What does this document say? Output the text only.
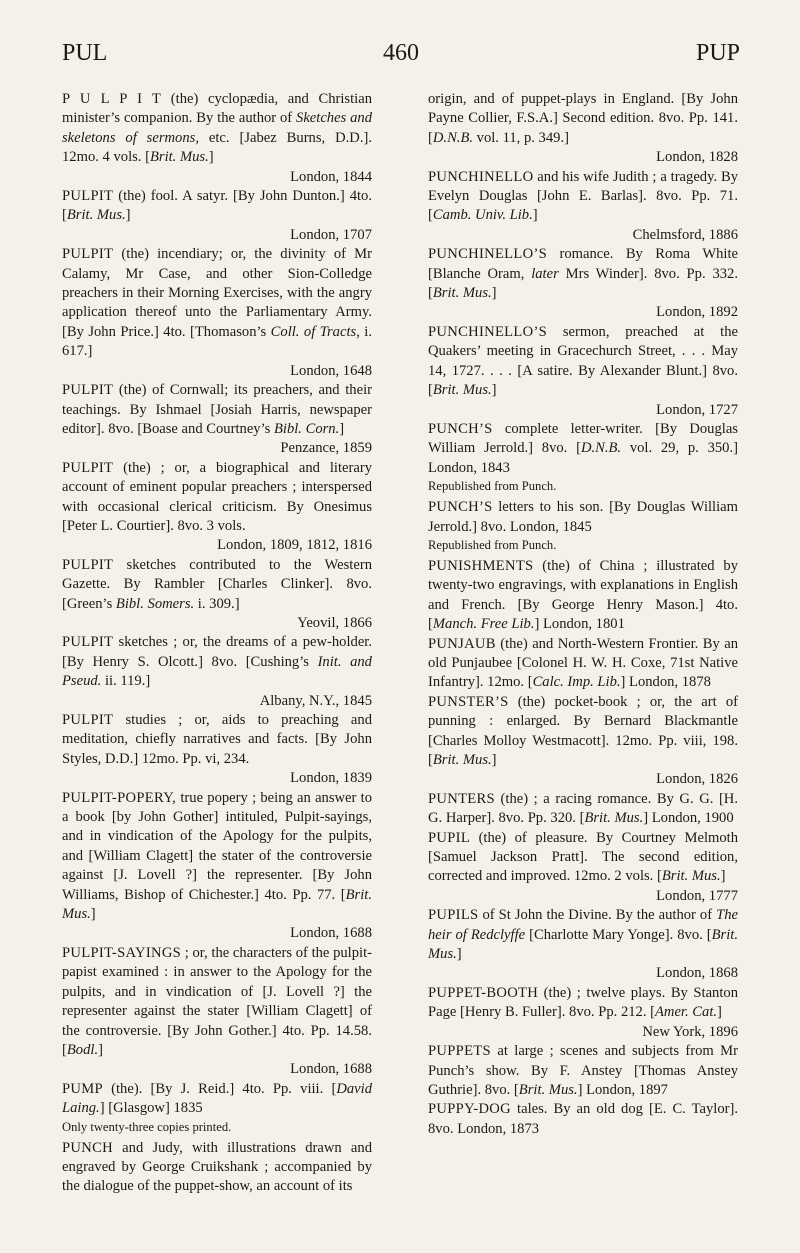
PUL	460	PUP
P U L P I T (the) cyclopædia, and Christian minister’s companion. By the author of Sketches and skeletons of sermons, etc. [Jabez Burns, D.D.]. 12mo. 4 vols. [Brit. Mus.]
London, 1844
PULPIT (the) fool. A satyr. [By John Dunton.] 4to. [Brit. Mus.]
London, 1707
PULPIT (the) incendiary; or, the divinity of Mr Calamy, Mr Case, and other Sion-Colledge preachers in their Morning Exercises, with the angry application thereof unto the Parliamentary Army. [By John Price.] 4to. [Thomason’s Coll. of Tracts, i. 617.]
London, 1648
PULPIT (the) of Cornwall; its preachers, and their teachings. By Ishmael [Josiah Harris, newspaper editor]. 8vo. [Boase and Courtney’s Bibl. Corn.]
Penzance, 1859
PULPIT (the) ; or, a biographical and literary account of eminent popular preachers ; interspersed with occasional clerical criticism. By Onesimus [Peter L. Courtier]. 8vo. 3 vols.
London, 1809, 1812, 1816
PULPIT sketches contributed to the Western Gazette. By Rambler [Charles Clinker]. 8vo. [Green’s Bibl. Somers. i. 309.]
Yeovil, 1866
PULPIT sketches ; or, the dreams of a pew-holder. [By Henry S. Olcott.] 8vo. [Cushing’s Init. and Pseud. ii. 119.]
Albany, N.Y., 1845
PULPIT studies ; or, aids to preaching and meditation, chiefly narratives and facts. [By John Styles, D.D.] 12mo. Pp. vi, 234.
London, 1839
PULPIT-POPERY, true popery ; being an answer to a book [by John Gother] intituled, Pulpit-sayings, and in vindication of the Apology for the pulpits, and [William Clagett] the stater of the controversie against [J. Lovell ?] the representer. [By John Williams, Bishop of Chichester.] 4to. Pp. 77. [Brit. Mus.]
London, 1688
PULPIT-SAYINGS ; or, the characters of the pulpit-papist examined : in answer to the Apology for the pulpits, and in vindication of [J. Lovell ?] the representer against the stater [William Clagett] of the controversie. [By John Gother.] 4to. Pp. 14.58. [Bodl.]
London, 1688
PUMP (the). [By J. Reid.] 4to. Pp. viii. [David Laing.] [Glasgow] 1835
Only twenty-three copies printed.
PUNCH and Judy, with illustrations drawn and engraved by George Cruikshank ; accompanied by the dialogue of the puppet-show, an account of its
origin, and of puppet-plays in England. [By John Payne Collier, F.S.A.] Second edition. 8vo. Pp. 141. [D.N.B. vol. 11, p. 349.]
London, 1828
PUNCHINELLO and his wife Judith ; a tragedy. By Evelyn Douglas [John E. Barlas]. 8vo. Pp. 71. [Camb. Univ. Lib.]
Chelmsford, 1886
PUNCHINELLO’S romance. By Roma White [Blanche Oram, later Mrs Winder]. 8vo. Pp. 332. [Brit. Mus.]
London, 1892
PUNCHINELLO’S sermon, preached at the Quakers’ meeting in Gracechurch Street, . . . May 14, 1727. . . . [A satire. By Alexander Blunt.] 8vo. [Brit. Mus.]
London, 1727
PUNCH’S complete letter-writer. [By Douglas William Jerrold.] 8vo. [D.N.B. vol. 29, p. 350.] London, 1843
Republished from Punch.
PUNCH’S letters to his son. [By Douglas William Jerrold.] 8vo. London, 1845
Republished from Punch.
PUNISHMENTS (the) of China ; illustrated by twenty-two engravings, with explanations in English and French. [By George Henry Mason.] 4to. [Manch. Free Lib.] London, 1801
PUNJAUB (the) and North-Western Frontier. By an old Punjaubee [Colonel H. W. H. Coxe, 71st Native Infantry]. 12mo. [Calc. Imp. Lib.] London, 1878
PUNSTER’S (the) pocket-book ; or, the art of punning : enlarged. By Bernard Blackmantle [Charles Molloy Westmacott]. 12mo. Pp. viii, 198. [Brit. Mus.]
London, 1826
PUNTERS (the) ; a racing romance. By G. G. [H. G. Harper]. 8vo. Pp. 320. [Brit. Mus.] London, 1900
PUPIL (the) of pleasure. By Courtney Melmoth [Samuel Jackson Pratt]. The second edition, corrected and improved. 12mo. 2 vols. [Brit. Mus.]
London, 1777
PUPILS of St John the Divine. By the author of The heir of Redclyffe [Charlotte Mary Yonge]. 8vo. [Brit. Mus.]
London, 1868
PUPPET-BOOTH (the) ; twelve plays. By Stanton Page [Henry B. Fuller]. 8vo. Pp. 212. [Amer. Cat.]
New York, 1896
PUPPETS at large ; scenes and subjects from Mr Punch’s show. By F. Anstey [Thomas Anstey Guthrie]. 8vo. [Brit. Mus.] London, 1897
PUPPY-DOG tales. By an old dog [E. C. Taylor]. 8vo. London, 1873
